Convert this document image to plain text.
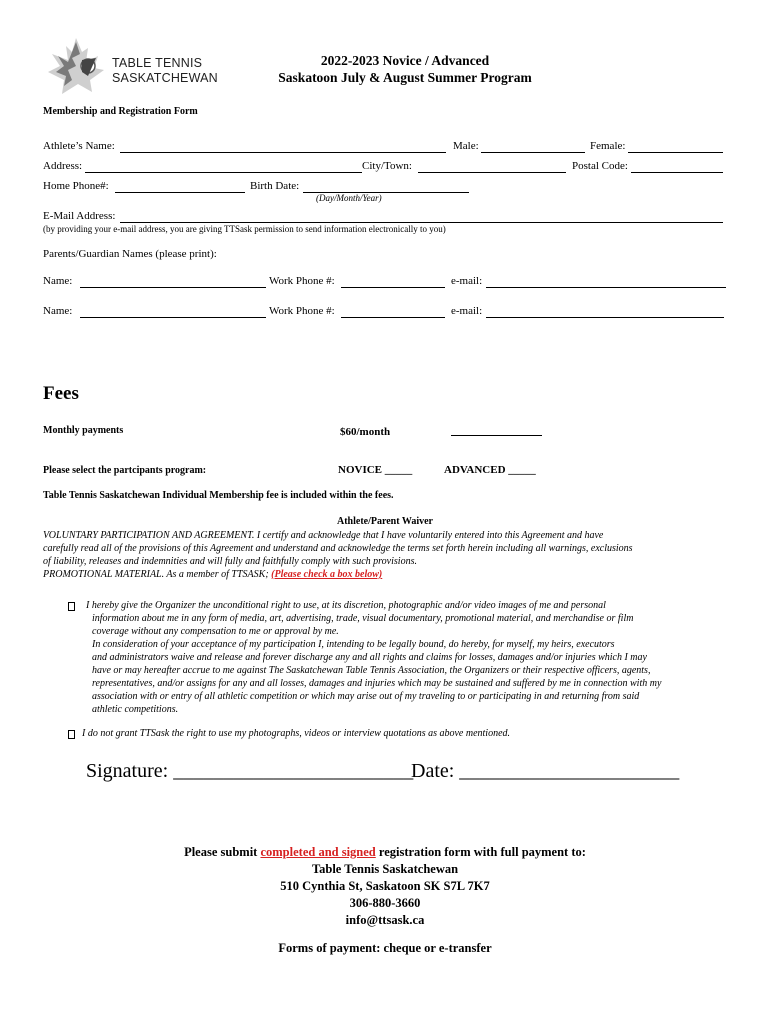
TABLE TENNIS
SASKATCHEWAN
2022-2023 Novice / Advanced
Saskatoon July & August Summer Program
Membership and Registration Form
Athlete’s Name:	Male:	Female:
Address:	City/Town:	Postal Code:
Home Phone#:	Birth Date:
(Day/Month/Year)
E-Mail Address:
(by providing your e-mail address, you are giving TTSask permission to send information electronically to you)
Parents/Guardian Names (please print):
Name:	Work Phone #:	e-mail:
Name:	Work Phone #:	e-mail:
Fees
Monthly payments	$60/month
Please select the partcipants program:	NOVICE _____	ADVANCED _____
Table Tennis Saskatchewan Individual Membership fee is included within the fees.
Athlete/Parent Waiver
VOLUNTARY PARTICIPATION AND AGREEMENT. I certify and acknowledge that I have voluntarily entered into this Agreement and have
carefully read all of the provisions of this Agreement and understand and acknowledge the terms set forth herein including all warnings, exclusions
of liability, releases and indemnities and will fully and faithfully comply with such provisions.
PROMOTIONAL MATERIAL. As a member of TTSASK; (Please check a box below)
I hereby give the Organizer the unconditional right to use, at its discretion, photographic and/or video images of me and personal
information about me in any form of media, art, advertising, trade, visual documentary, promotional material, and merchandise or film
coverage without any compensation to me or approval by me.
In consideration of your acceptance of my participation I, intending to be legally bound, do hereby, for myself, my heirs, executors
and administrators waive and release and forever discharge any and all rights and claims for losses, damages and/or injuries which I may
have or may hereafter accrue to me against The Saskatchewan Table Tennis Association, the Organizers or their respective officers, agents,
representatives, and/or assigns for any and all losses, damages and injuries which may be sustained and suffered by me in connection with my
association with or entry of all athletic competition or which may arise out of my traveling to or participating in and returning from said
athletic competitions.
I do not grant TTSask the right to use my photographs, videos or interview quotations as above mentioned.
Signature: ________________________
Date: ______________________
Please submit completed and signed registration form with full payment to:
Table Tennis Saskatchewan
510 Cynthia St, Saskatoon SK S7L 7K7
306-880-3660
info@ttsask.ca
Forms of payment: cheque or e-transfer
